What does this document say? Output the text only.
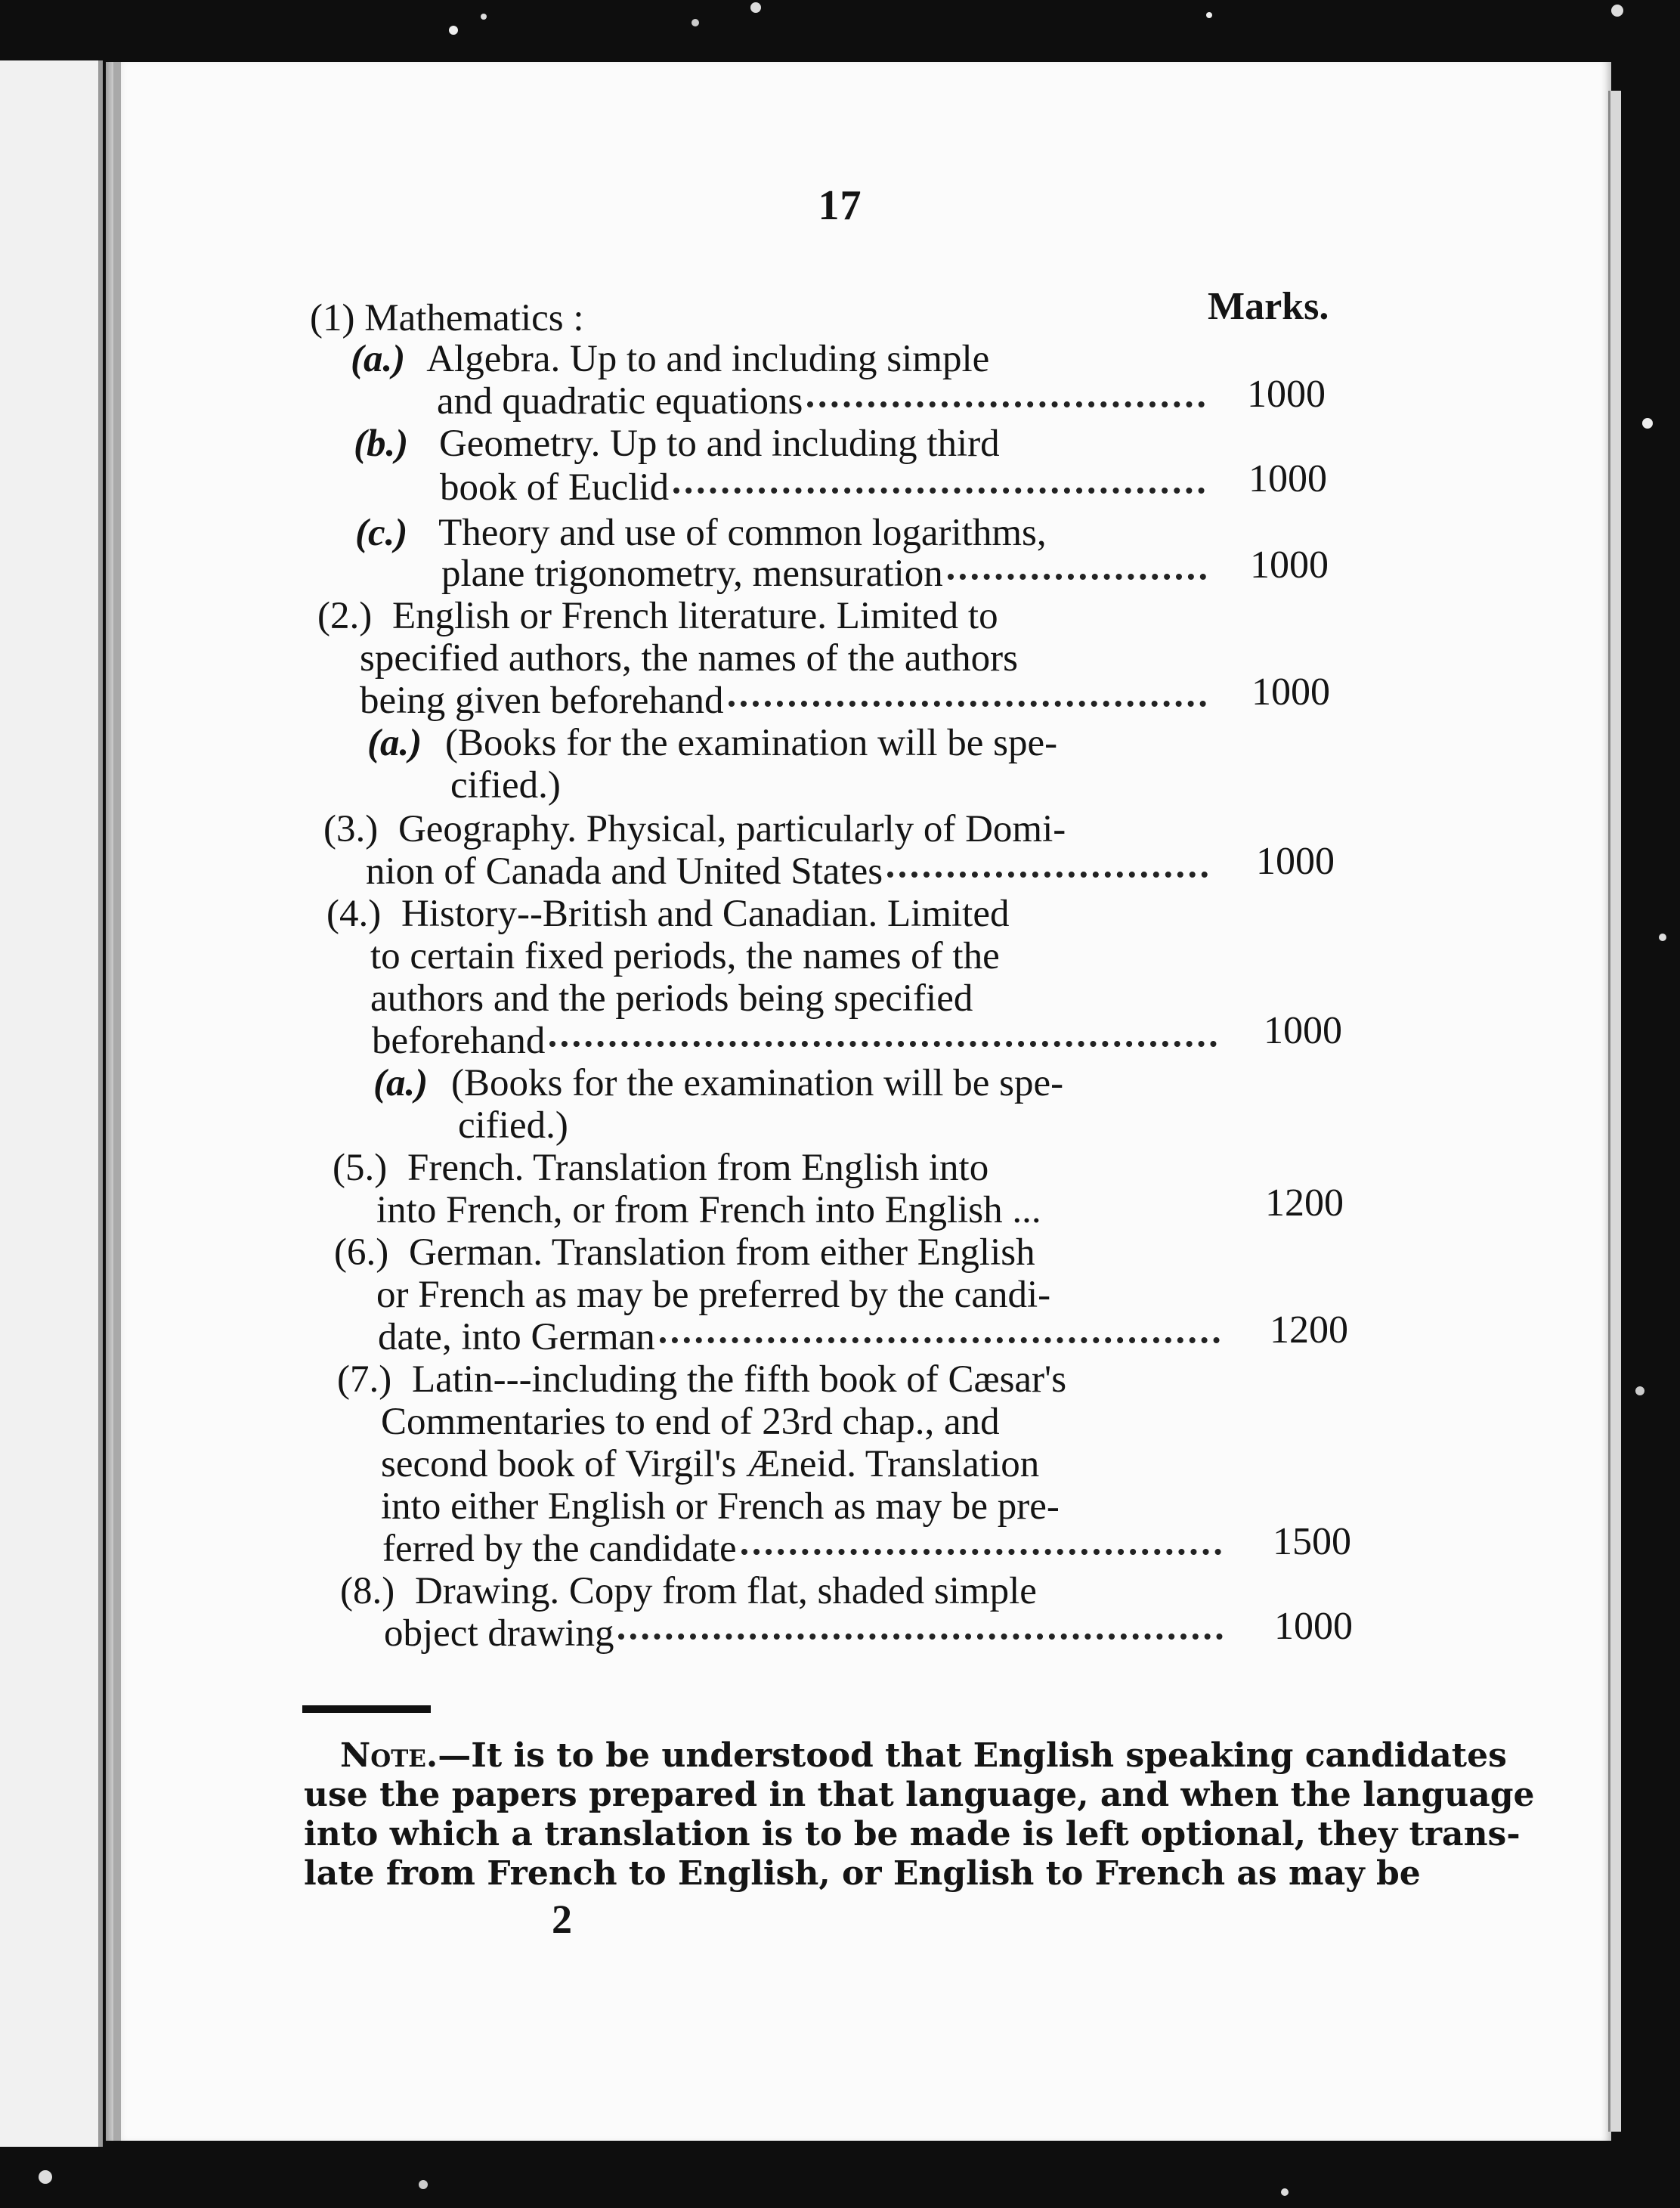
17
Marks.
(1) Mathematics :
(a.) Algebra. Up to and including simple
and quadratic equations	1000
(b.) Geometry. Up to and including third
book of Euclid	1000
(c.) Theory and use of common logarithms,
plane trigonometry, mensuration	1000
(2.) English or French literature. Limited to
specified authors, the names of the authors
being given beforehand	1000
(a.) (Books for the examination will be spe-
cified.)
(3.) Geography. Physical, particularly of Domi-
nion of Canada and United States	1000
(4.) History--British and Canadian. Limited
to certain fixed periods, the names of the
authors and the periods being specified
beforehand	1000
(a.) (Books for the examination will be spe-
cified.)
(5.) French. Translation from English into
into French, or from French into English ...	1200
(6.) German. Translation from either English
or French as may be preferred by the candi-
date, into German	1200
(7.) Latin---including the fifth book of Cæsar's
Commentaries to end of 23rd chap., and
second book of Virgil's Æneid. Translation
into either English or French as may be pre-
ferred by the candidate	1500
(8.) Drawing. Copy from flat, shaded simple
object drawing	1000
Note. —It is to be understood that English speaking candidates
use the papers prepared in that language, and when the language
into which a translation is to be made is left optional, they trans-
late from French to English, or English to French as may be
2
